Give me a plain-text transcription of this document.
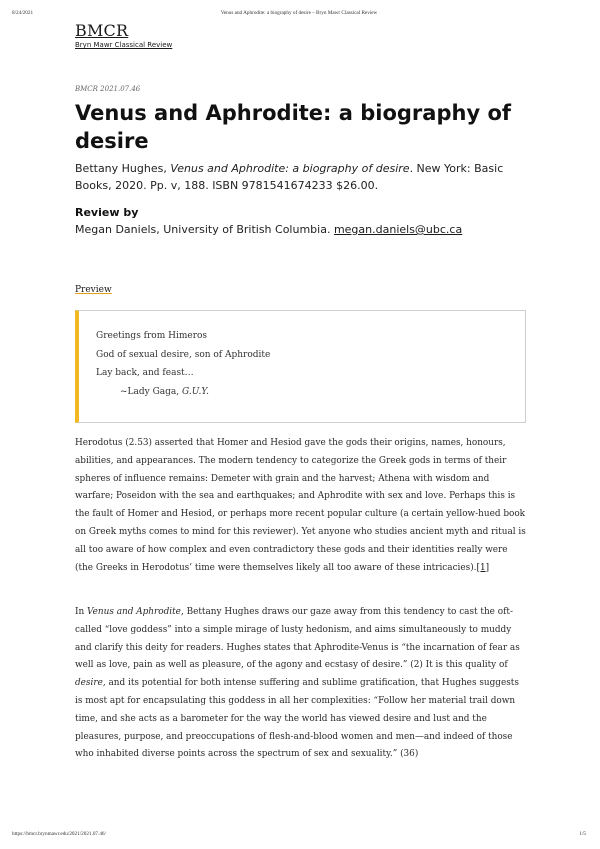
8/24/2021	Venus and Aphrodite: a biography of desire – Bryn Mawr Classical Review
BMCR
Bryn Mawr Classical Review
BMCR 2021.07.46
Venus and Aphrodite: a biography of desire
Bettany Hughes, Venus and Aphrodite: a biography of desire. New York: Basic Books, 2020. Pp. v, 188. ISBN 9781541674233 $26.00.
Review by
Megan Daniels, University of British Columbia. megan.daniels@ubc.ca
Preview
Greetings from Himeros
God of sexual desire, son of Aphrodite
Lay back, and feast…
~Lady Gaga, G.U.Y.

Herodotus (2.53) asserted that Homer and Hesiod gave the gods their origins, names, honours, abilities, and appearances. The modern tendency to categorize the Greek gods in terms of their spheres of influence remains: Demeter with grain and the harvest; Athena with wisdom and warfare; Poseidon with the sea and earthquakes; and Aphrodite with sex and love. Perhaps this is the fault of Homer and Hesiod, or perhaps more recent popular culture (a certain yellow-hued book on Greek myths comes to mind for this reviewer). Yet anyone who studies ancient myth and ritual is all too aware of how complex and even contradictory these gods and their identities really were (the Greeks in Herodotus’ time were themselves likely all too aware of these intricacies).[1]

In Venus and Aphrodite, Bettany Hughes draws our gaze away from this tendency to cast the oft-called “love goddess” into a simple mirage of lusty hedonism, and aims simultaneously to muddy and clarify this deity for readers. Hughes states that Aphrodite-Venus is “the incarnation of fear as well as love, pain as well as pleasure, of the agony and ecstasy of desire.” (2) It is this quality of desire, and its potential for both intense suffering and sublime gratification, that Hughes suggests is most apt for encapsulating this goddess in all her complexities: “Follow her material trail down time, and she acts as a barometer for the way the world has viewed desire and lust and the pleasures, purpose, and preoccupations of flesh-and-blood women and men—and indeed of those who inhabited diverse points across the spectrum of sex and sexuality.” (36)

https://bmcr.brynmawr.edu/2021/2021.07.46/	1/5
